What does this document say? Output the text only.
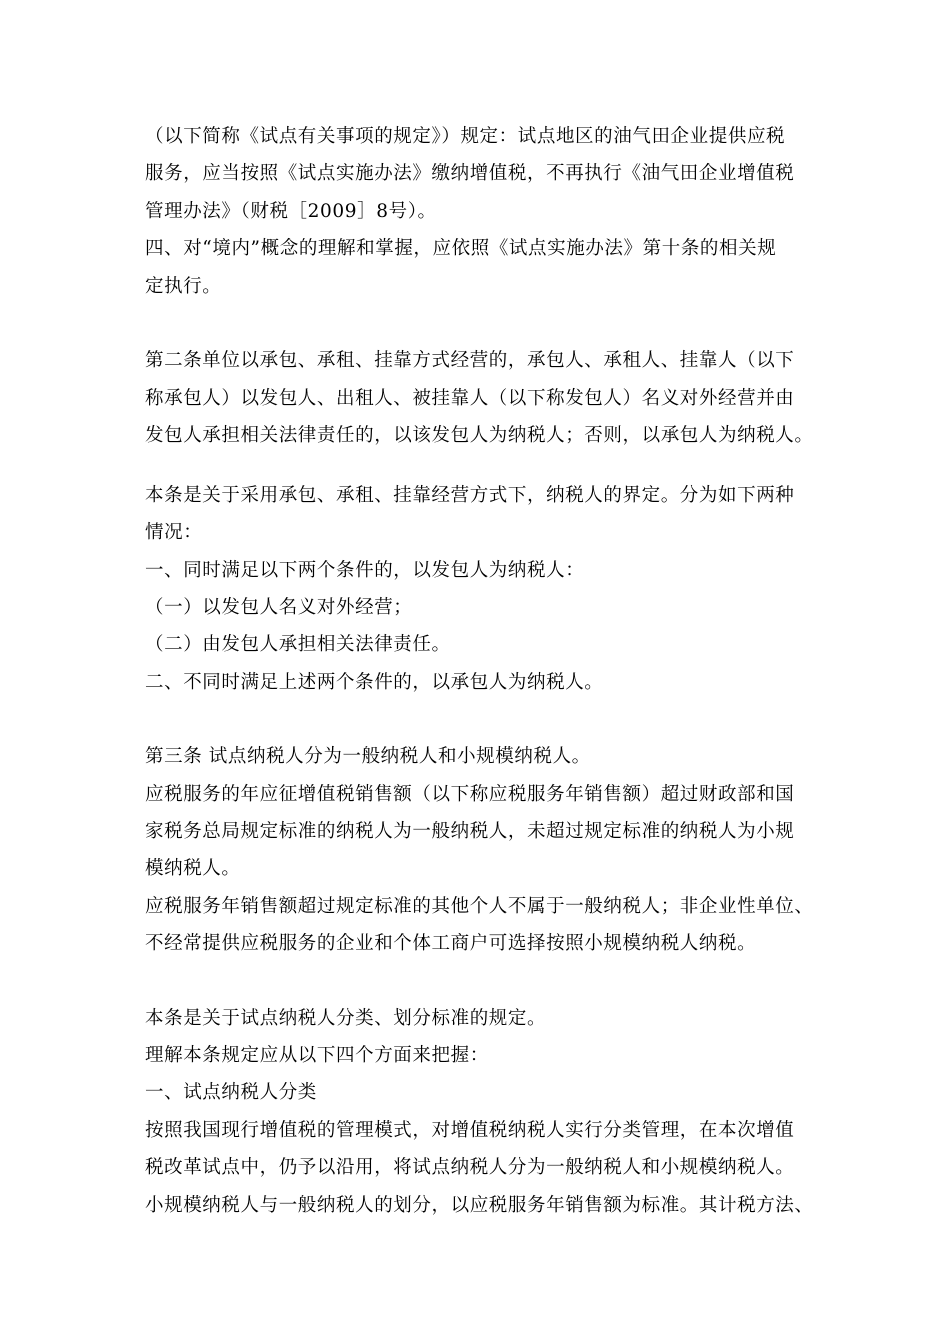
（以下简称《试点有关事项的规定》）规定：试点地区的油气田企业提供应税
服务，应当按照《试点实施办法》缴纳增值税，不再执行《油气田企业增值税
管理办法》（财税［2009］8号）。
四、对“境内”概念的理解和掌握，应依照《试点实施办法》第十条的相关规
定执行。
第二条单位以承包、承租、挂靠方式经营的，承包人、承租人、挂靠人（以下
称承包人）以发包人、出租人、被挂靠人（以下称发包人）名义对外经营并由
发包人承担相关法律责任的，以该发包人为纳税人；否则，以承包人为纳税人。
本条是关于采用承包、承租、挂靠经营方式下，纳税人的界定。分为如下两种
情况：
一、同时满足以下两个条件的，以发包人为纳税人：
（一）以发包人名义对外经营；
（二）由发包人承担相关法律责任。
二、不同时满足上述两个条件的，以承包人为纳税人。
第三条 试点纳税人分为一般纳税人和小规模纳税人。
应税服务的年应征增值税销售额（以下称应税服务年销售额）超过财政部和国
家税务总局规定标准的纳税人为一般纳税人，未超过规定标准的纳税人为小规
模纳税人。
应税服务年销售额超过规定标准的其他个人不属于一般纳税人；非企业性单位、
不经常提供应税服务的企业和个体工商户可选择按照小规模纳税人纳税。
本条是关于试点纳税人分类、划分标准的规定。
理解本条规定应从以下四个方面来把握：
一、试点纳税人分类
按照我国现行增值税的管理模式，对增值税纳税人实行分类管理，在本次增值
税改革试点中，仍予以沿用，将试点纳税人分为一般纳税人和小规模纳税人。
小规模纳税人与一般纳税人的划分，以应税服务年销售额为标准。其计税方法、
